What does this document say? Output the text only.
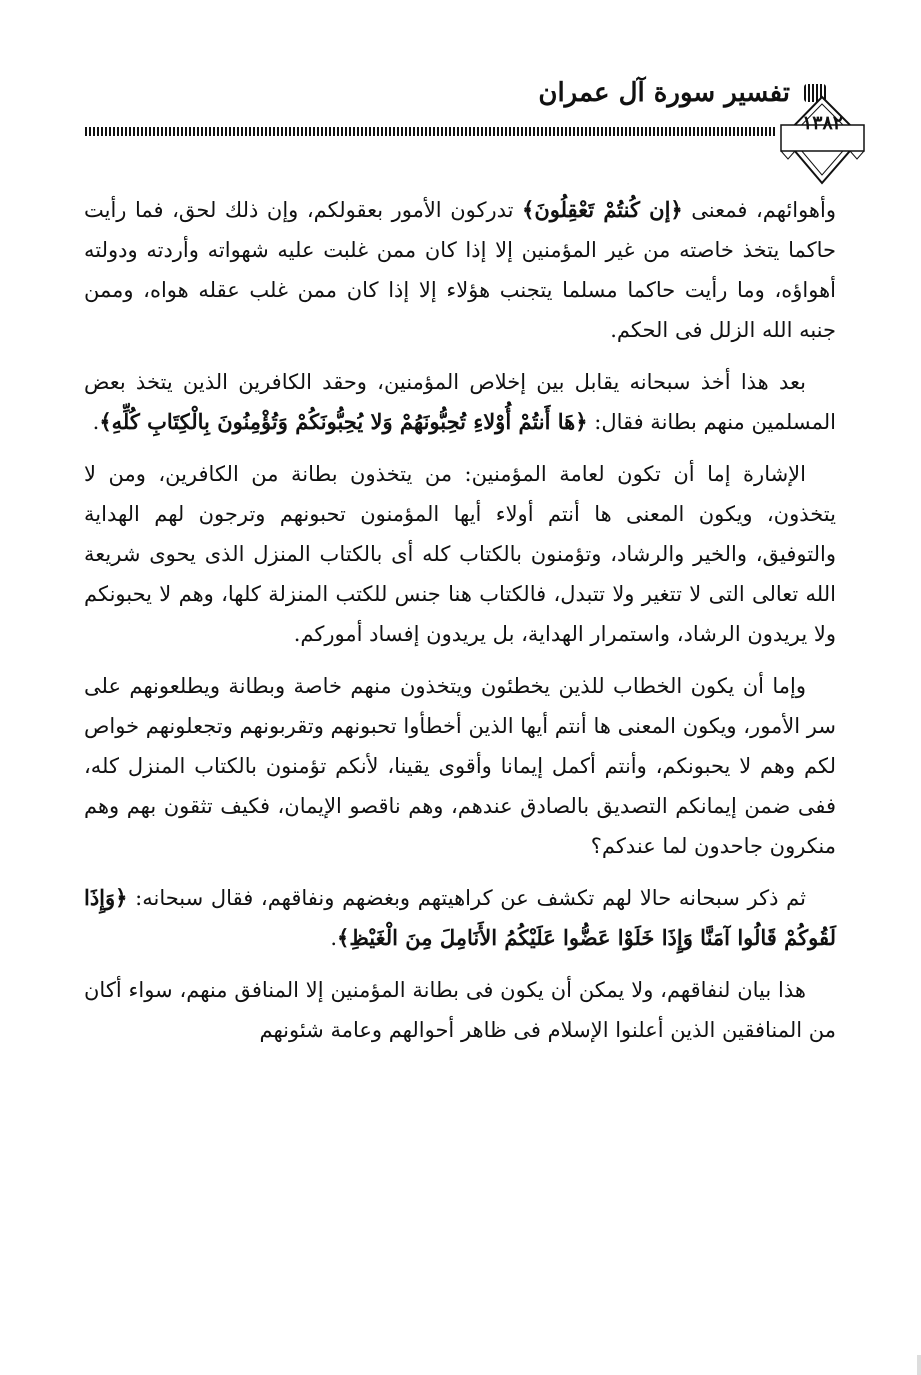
تفسير سورة آل عمران
١٣٨٢

وأهوائهم، فمعنى ﴿إن كُنتُمْ تَعْقِلُونَ﴾ تدركون الأمور بعقولكم، وإن ذلك لحق، فما رأيت حاكما يتخذ خاصته من غير المؤمنين إلا إذا كان ممن غلبت عليه شهواته وأردته ودولته أهواؤه، وما رأيت حاكما مسلما يتجنب هؤلاء إلا إذا كان ممن غلب عقله هواه، وممن جنبه الله الزلل فى الحكم.

بعد هذا أخذ سبحانه يقابل بين إخلاص المؤمنين، وحقد الكافرين الذين يتخذ بعض المسلمين منهم بطانة فقال: ﴿هَا أَنتُمْ أُوْلاءِ تُحِبُّونَهُمْ وَلا يُحِبُّونَكُمْ وَتُؤْمِنُونَ بِالْكِتَابِ كُلِّهِ﴾.

الإشارة إما أن تكون لعامة المؤمنين: من يتخذون بطانة من الكافرين، ومن لا يتخذون، ويكون المعنى ها أنتم أولاء أيها المؤمنون تحبونهم وترجون لهم الهداية والتوفيق، والخير والرشاد، وتؤمنون بالكتاب كله أى بالكتاب المنزل الذى يحوى شريعة الله تعالى التى لا تتغير ولا تتبدل، فالكتاب هنا جنس للكتب المنزلة كلها، وهم لا يحبونكم ولا يريدون الرشاد، واستمرار الهداية، بل يريدون إفساد أموركم.

وإما أن يكون الخطاب للذين يخطئون ويتخذون منهم خاصة وبطانة ويطلعونهم على سر الأمور، ويكون المعنى ها أنتم أيها الذين أخطأوا تحبونهم وتقربونهم وتجعلونهم خواص لكم وهم لا يحبونكم، وأنتم أكمل إيمانا وأقوى يقينا، لأنكم تؤمنون بالكتاب المنزل كله، ففى ضمن إيمانكم التصديق بالصادق عندهم، وهم ناقصو الإيمان، فكيف تثقون بهم وهم منكرون جاحدون لما عندكم؟

ثم ذكر سبحانه حالا لهم تكشف عن كراهيتهم وبغضهم ونفاقهم، فقال سبحانه: ﴿وَإِذَا لَقُوكُمْ قَالُوا آمَنَّا وَإِذَا خَلَوْا عَضُّوا عَلَيْكُمُ الأَنَامِلَ مِنَ الْغَيْظِ﴾.

هذا بيان لنفاقهم، ولا يمكن أن يكون فى بطانة المؤمنين إلا المنافق منهم، سواء أكان من المنافقين الذين أعلنوا الإسلام فى ظاهر أحوالهم وعامة شئونهم
